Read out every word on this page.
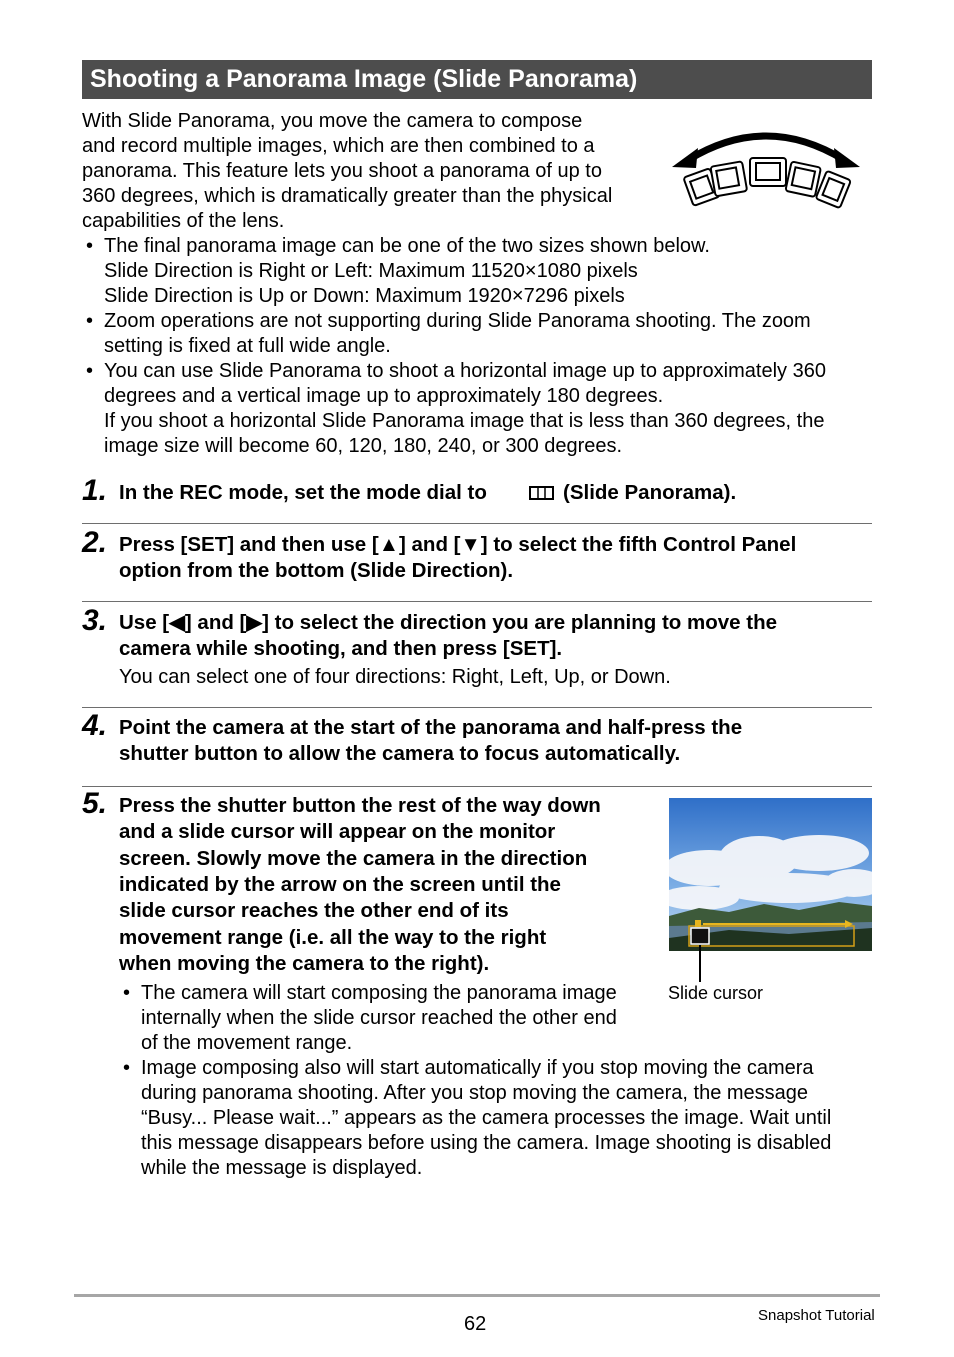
Shooting a Panorama Image (Slide Panorama)
With Slide Panorama, you move the camera to compose
and record multiple images, which are then combined to a
panorama. This feature lets you shoot a panorama of up to
360 degrees, which is dramatically greater than the physical
capabilities of the lens.
• The final panorama image can be one of the two sizes shown below.
Slide Direction is Right or Left: Maximum 11520×1080 pixels
Slide Direction is Up or Down: Maximum 1920×7296 pixels
• Zoom operations are not supporting during Slide Panorama shooting. The zoom
setting is fixed at full wide angle.
• You can use Slide Panorama to shoot a horizontal image up to approximately 360
degrees and a vertical image up to approximately 180 degrees.
If you shoot a horizontal Slide Panorama image that is less than 360 degrees, the
image size will become 60, 120, 180, 240, or 300 degrees.
1. In the REC mode, set the mode dial to	(Slide Panorama).
2. Press [SET] and then use [▲] and [▼] to select the fifth Control Panel
option from the bottom (Slide Direction).
3. Use [◀] and [▶] to select the direction you are planning to move the
camera while shooting, and then press [SET].
You can select one of four directions: Right, Left, Up, or Down.
4. Point the camera at the start of the panorama and half-press the
shutter button to allow the camera to focus automatically.
5. Press the shutter button the rest of the way down
and a slide cursor will appear on the monitor
screen. Slowly move the camera in the direction
indicated by the arrow on the screen until the
slide cursor reaches the other end of its
movement range (i.e. all the way to the right
when moving the camera to the right).
Slide cursor
• The camera will start composing the panorama image
internally when the slide cursor reached the other end
of the movement range.
• Image composing also will start automatically if you stop moving the camera
during panorama shooting. After you stop moving the camera, the message
“Busy... Please wait...” appears as the camera processes the image. Wait until
this message disappears before using the camera. Image shooting is disabled
while the message is displayed.
62	Snapshot Tutorial
